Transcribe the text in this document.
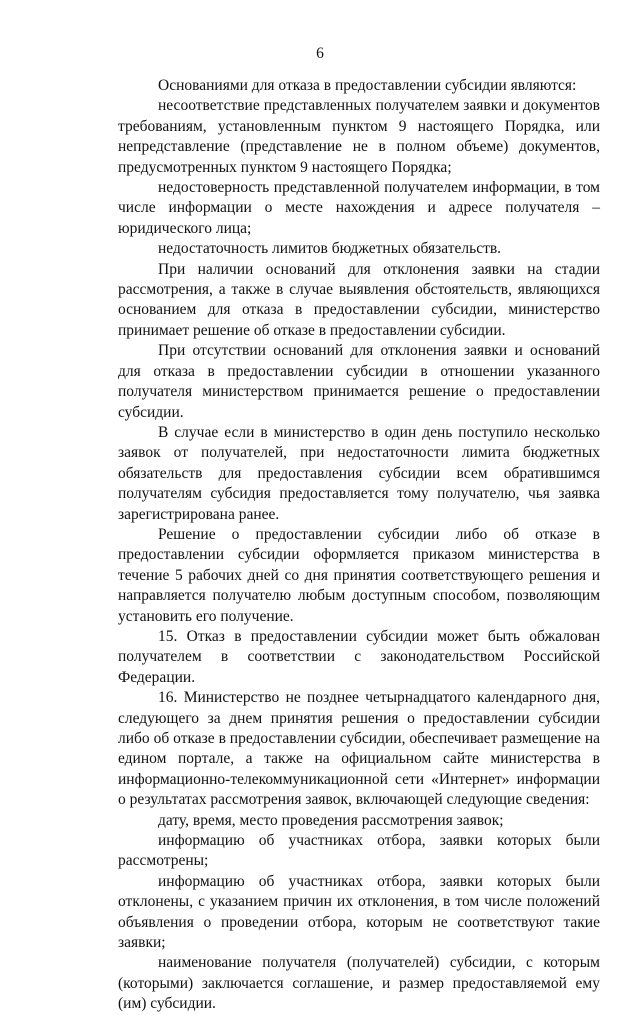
6

Основаниями для отказа в предоставлении субсидии являются:

несоответствие представленных получателем заявки и документов требованиям, установленным пунктом 9 настоящего Порядка, или непредставление (представление не в полном объеме) документов, предусмотренных пунктом 9 настоящего Порядка;

недостоверность представленной получателем информации, в том числе информации о месте нахождения и адресе получателя – юридического лица;

недостаточность лимитов бюджетных обязательств.

При наличии оснований для отклонения заявки на стадии рассмотрения, а также в случае выявления обстоятельств, являющихся основанием для отказа в предоставлении субсидии, министерство принимает решение об отказе в предоставлении субсидии.

При отсутствии оснований для отклонения заявки и оснований для отказа в предоставлении субсидии в отношении указанного получателя министерством принимается решение о предоставлении субсидии.

В случае если в министерство в один день поступило несколько заявок от получателей, при недостаточности лимита бюджетных обязательств для предоставления субсидии всем обратившимся получателям субсидия предоставляется тому получателю, чья заявка зарегистрирована ранее.

Решение о предоставлении субсидии либо об отказе в предоставлении субсидии оформляется приказом министерства в течение 5 рабочих дней со дня принятия соответствующего решения и направляется получателю любым доступным способом, позволяющим установить его получение.

15. Отказ в предоставлении субсидии может быть обжалован получателем в соответствии с законодательством Российской Федерации.

16. Министерство не позднее четырнадцатого календарного дня, следующего за днем принятия решения о предоставлении субсидии либо об отказе в предоставлении субсидии, обеспечивает размещение на едином портале, а также на официальном сайте министерства в информационно-телекоммуникационной сети «Интернет» информации о результатах рассмотрения заявок, включающей следующие сведения:

дату, время, место проведения рассмотрения заявок;

информацию об участниках отбора, заявки которых были рассмотрены;

информацию об участниках отбора, заявки которых были отклонены, с указанием причин их отклонения, в том числе положений объявления о проведении отбора, которым не соответствуют такие заявки;

наименование получателя (получателей) субсидии, с которым (которыми) заключается соглашение, и размер предоставляемой ему (им) субсидии.
